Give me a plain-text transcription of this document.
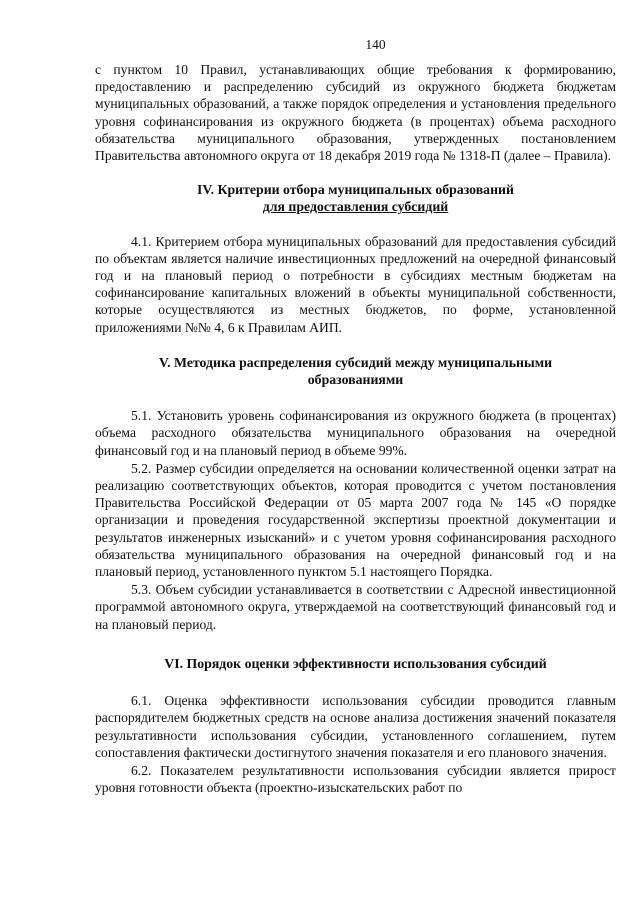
140

с пунктом 10 Правил, устанавливающих общие требования к формированию, предоставлению и распределению субсидий из окружного бюджета бюджетам муниципальных образований, а также порядок определения и установления предельного уровня софинансирования из окружного бюджета (в процентах) объема расходного обязательства муниципального образования, утвержденных постановлением Правительства автономного округа от 18 декабря 2019 года № 1318-П (далее – Правила).

IV. Критерии отбора муниципальных образований
для предоставления субсидий

4.1. Критерием отбора муниципальных образований для предоставления субсидий по объектам является наличие инвестиционных предложений на очередной финансовый год и на плановый период о потребности в субсидиях местным бюджетам на софинансирование капитальных вложений в объекты муниципальной собственности, которые осуществляются из местных бюджетов, по форме, установленной приложениями №№ 4, 6 к Правилам АИП.

V. Методика распределения субсидий между муниципальными
образованиями

5.1. Установить уровень софинансирования из окружного бюджета (в процентах) объема расходного обязательства муниципального образования на очередной финансовый год и на плановый период в объеме 99%.

5.2. Размер субсидии определяется на основании количественной оценки затрат на реализацию соответствующих объектов, которая проводится с учетом постановления Правительства Российской Федерации от 05 марта 2007 года № 145 «О порядке организации и проведения государственной экспертизы проектной документации и результатов инженерных изысканий» и с учетом уровня софинансирования расходного обязательства муниципального образования на очередной финансовый год и на плановый период, установленного пунктом 5.1 настоящего Порядка.

5.3. Объем субсидии устанавливается в соответствии с Адресной инвестиционной программой автономного округа, утверждаемой на соответствующий финансовый год и на плановый период.

VI. Порядок оценки эффективности использования субсидий

6.1. Оценка эффективности использования субсидии проводится главным распорядителем бюджетных средств на основе анализа достижения значений показателя результативности использования субсидии, установленного соглашением, путем сопоставления фактически достигнутого значения показателя и его планового значения.

6.2. Показателем результативности использования субсидии является прирост уровня готовности объекта (проектно-изыскательских работ по
